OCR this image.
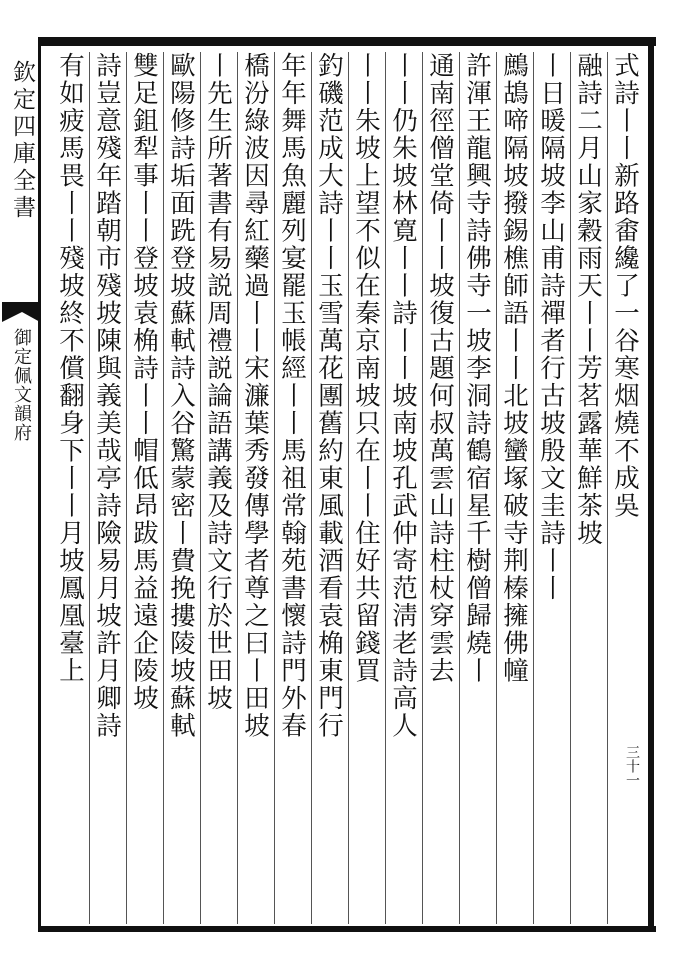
欽定四庫全書
御定佩文韻府
三十一
式詩丨丨新路畬纔了一谷寒烟燒不成吳
融詩二月山家穀雨天丨丨芳茗露華鮮茶坡
丨日暖隔坡李山甫詩禪者行古坡殷文圭詩丨丨
鷓鴣啼隔坡撥錫樵師語丨丨北坡蠻塚破寺荆榛擁佛幢
許渾王龍興寺詩佛寺一坡李洞詩鶴宿星千樹僧歸燒丨
通南徑僧堂倚丨丨坡復古題何叔萬雲山詩柱杖穿雲去
丨丨仍朱坡林寛丨丨詩丨丨坡南坡孔武仲寄范淸老詩高人
丨丨朱坡上望不似在秦京南坡只在丨丨住好共留錢買
釣磯范成大詩丨丨玉雪萬花團舊約東風載酒看袁桷東門行
年年舞馬魚麗列宴罷玉帳經丨丨馬祖常翰苑書懷詩門外春
橋汾綠波因尋紅藥過丨丨宋濂葉秀發傳學者尊之曰丨田坡
丨先生所著書有易説周禮説論語講義及詩文行於世田坡
歐陽修詩垢面跣登坡蘇軾詩入谷驚蒙密丨費挽摟陵坡蘇軾
雙足鉏犁事丨丨登坡袁桷詩丨丨帽低昂跋馬益遠企陵坡
詩豈意殘年踏朝市殘坡陳與義美哉亭詩險易月坡許月卿詩
有如疲馬畏丨丨殘坡終不償翻身下丨丨月坡鳳凰臺上
